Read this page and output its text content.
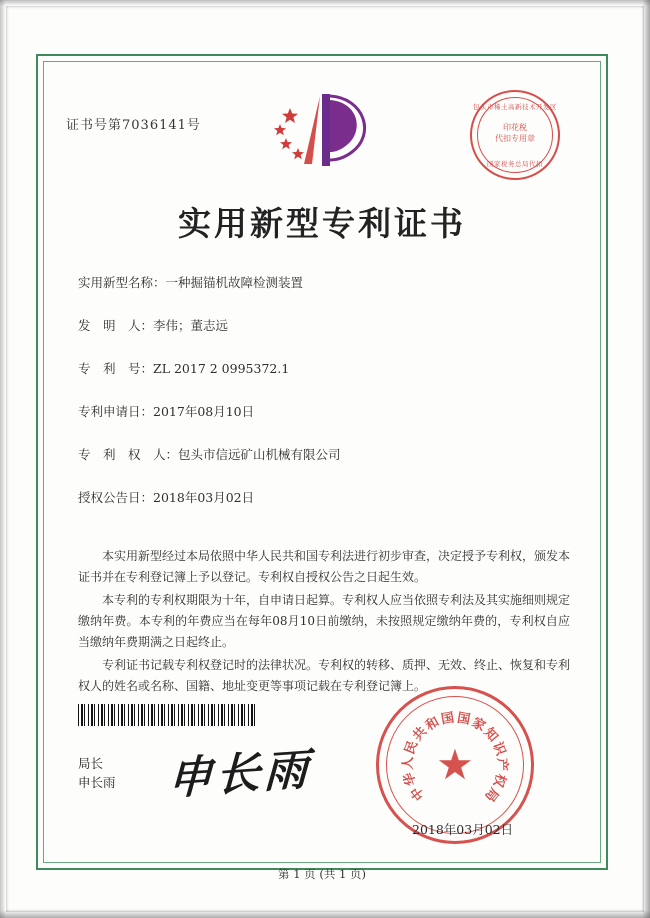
证书号第7036141号
包头市稀土高新技术开发区
印花税
代扣专用章
国家税务总局代扣
实用新型专利证书
实用新型名称：一种掘锚机故障检测装置
发　明　人：李伟；董志远
专　利　号：ZL 2017 2 0995372.1
专利申请日：2017年08月10日
专　利　权　人：包头市信远矿山机械有限公司
授权公告日：2018年03月02日

本实用新型经过本局依照中华人民共和国专利法进行初步审查，决定授予专利权，颁发本证书并在专利登记簿上予以登记。专利权自授权公告之日起生效。

本专利的专利权期限为十年，自申请日起算。专利权人应当依照专利法及其实施细则规定缴纳年费。本专利的年费应当在每年08月10日前缴纳，未按照规定缴纳年费的，专利权自应当缴纳年费期满之日起终止。

专利证书记载专利权登记时的法律状况。专利权的转移、质押、无效、终止、恢复和专利权人的姓名或名称、国籍、地址变更等事项记载在专利登记簿上。

局长
申长雨 申长雨	★
中
华
人
民
共
和
国 国
家
知
识
产
权
局
2018年03月02日
第 1 页 (共 1 页)
